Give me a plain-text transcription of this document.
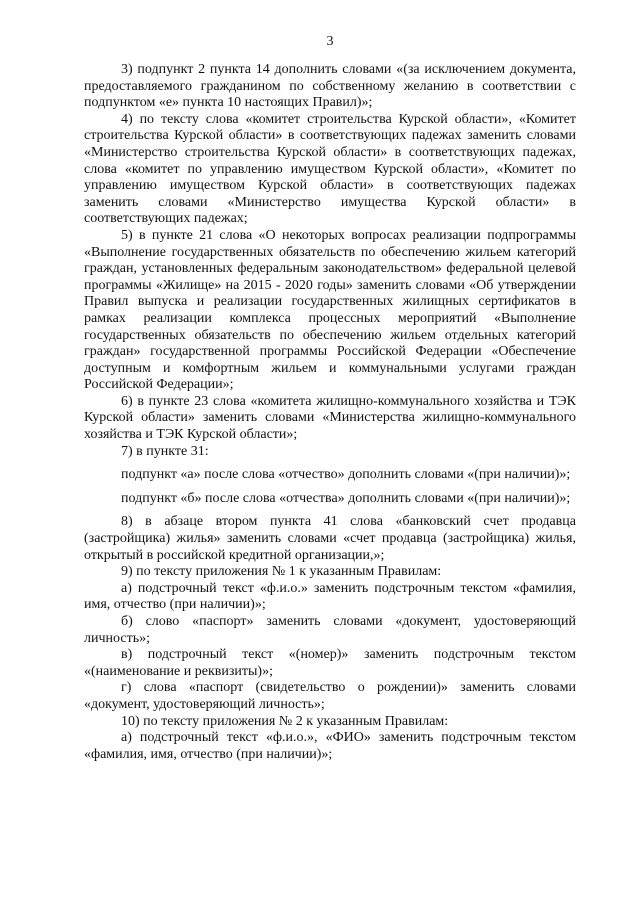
3

3) подпункт 2 пункта 14 дополнить словами «(за исключением документа, предоставляемого гражданином по собственному желанию в соответствии с подпунктом «е» пункта 10 настоящих Правил)»;

4) по тексту слова «комитет строительства Курской области», «Комитет строительства Курской области» в соответствующих падежах заменить словами «Министерство строительства Курской области» в соответствующих падежах, слова «комитет по управлению имуществом Курской области», «Комитет по управлению имуществом Курской области» в соответствующих падежах заменить словами «Министерство имущества Курской области» в соответствующих падежах;

5) в пункте 21 слова «О некоторых вопросах реализации подпрограммы «Выполнение государственных обязательств по обеспечению жильем категорий граждан, установленных федеральным законодательством» федеральной целевой программы «Жилище» на 2015 - 2020 годы» заменить словами «Об утверждении Правил выпуска и реализации государственных жилищных сертификатов в рамках реализации комплекса процессных мероприятий «Выполнение государственных обязательств по обеспечению жильем отдельных категорий граждан» государственной программы Российской Федерации «Обеспечение доступным и комфортным жильем и коммунальными услугами граждан Российской Федерации»;

6) в пункте 23 слова «комитета жилищно-коммунального хозяйства и ТЭК Курской области» заменить словами «Министерства жилищно-коммунального хозяйства и ТЭК Курской области»;

7) в пункте 31:

подпункт «а» после слова «отчество» дополнить словами «(при наличии)»;

подпункт «б» после слова «отчества» дополнить словами «(при наличии)»;

8) в абзаце втором пункта 41 слова «банковский счет продавца (застройщика) жилья» заменить словами «счет продавца (застройщика) жилья, открытый в российской кредитной организации,»;

9) по тексту приложения № 1 к указанным Правилам:

а) подстрочный текст «ф.и.о.» заменить подстрочным текстом «фамилия, имя, отчество (при наличии)»;

б) слово «паспорт» заменить словами «документ, удостоверяющий личность»;

в) подстрочный текст «(номер)» заменить подстрочным текстом «(наименование и реквизиты)»;

г) слова «паспорт (свидетельство о рождении)» заменить словами «документ, удостоверяющий личность»;

10) по тексту приложения № 2 к указанным Правилам:

а) подстрочный текст «ф.и.о.», «ФИО» заменить подстрочным текстом «фамилия, имя, отчество (при наличии)»;
